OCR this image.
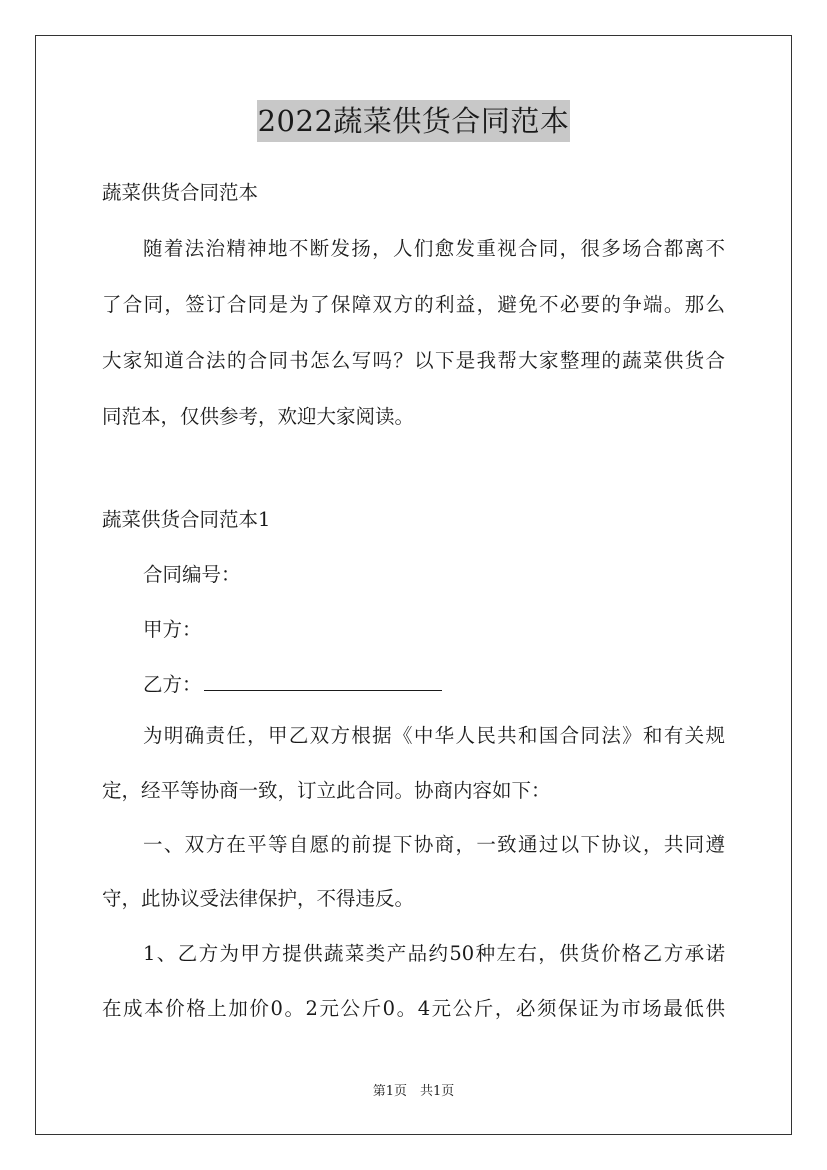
2022蔬菜供货合同范本
蔬菜供货合同范本
随着法治精神地不断发扬，人们愈发重视合同，很多场合都离不
了合同，签订合同是为了保障双方的利益，避免不必要的争端。那么
大家知道合法的合同书怎么写吗？以下是我帮大家整理的蔬菜供货合
同范本，仅供参考，欢迎大家阅读。
蔬菜供货合同范本1
合同编号：
甲方：
乙方：
为明确责任，甲乙双方根据《中华人民共和国合同法》和有关规
定，经平等协商一致，订立此合同。协商内容如下：
一、双方在平等自愿的前提下协商，一致通过以下协议，共同遵
守，此协议受法律保护，不得违反。
1、乙方为甲方提供蔬菜类产品约50种左右，供货价格乙方承诺
在成本价格上加价0。2元公斤0。4元公斤，必须保证为市场最低供
第1页　共1页
